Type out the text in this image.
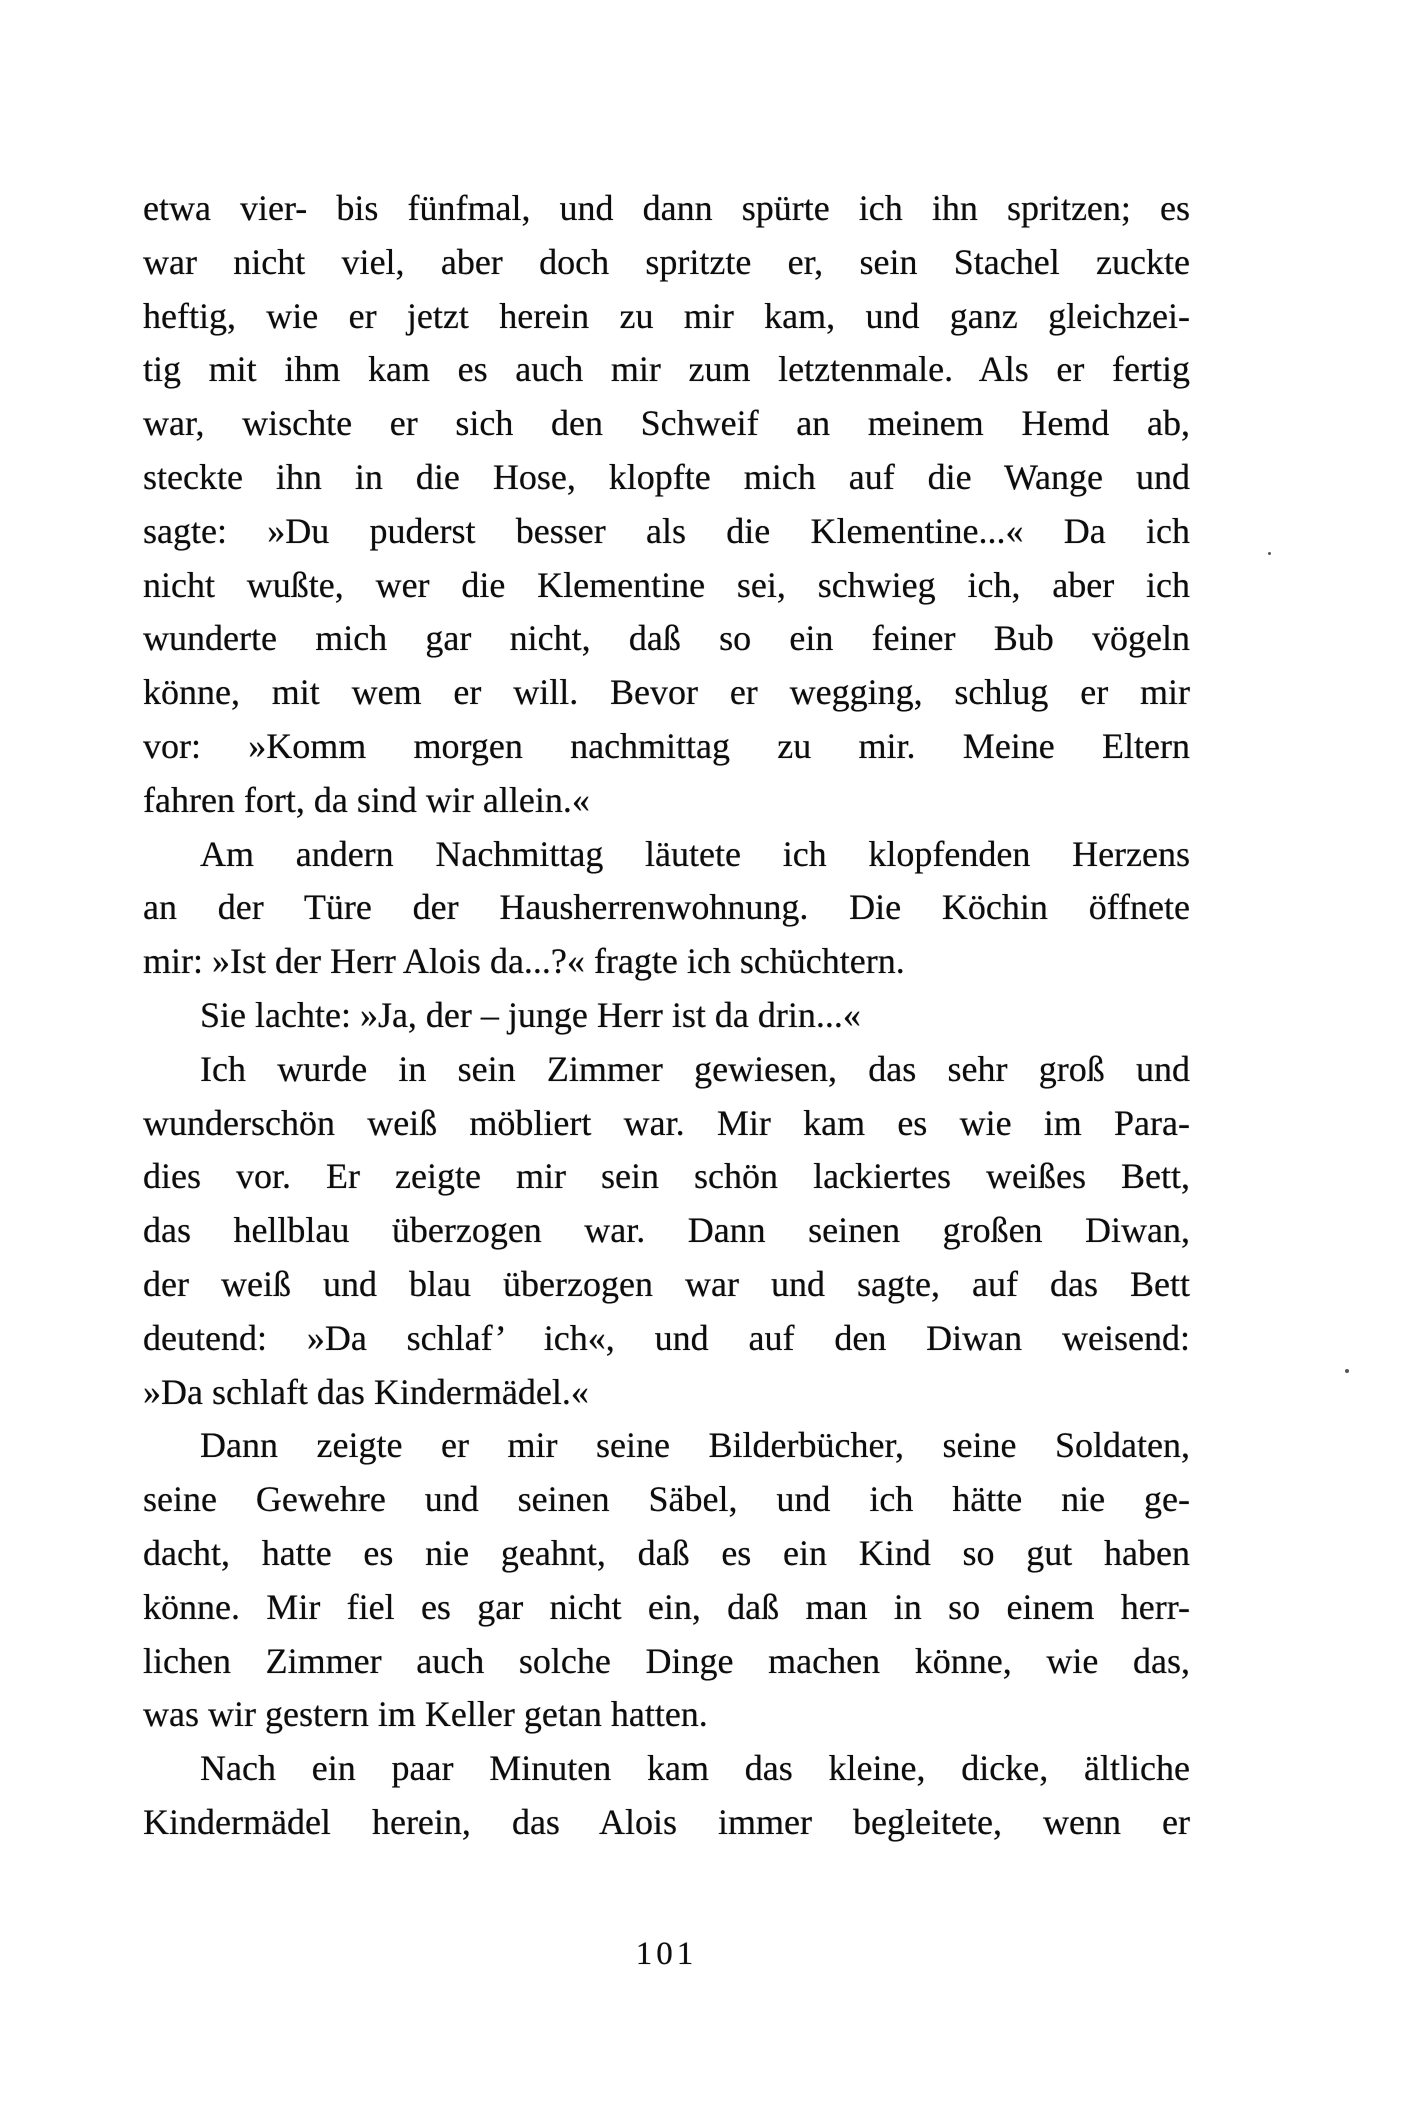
etwa vier- bis fünfmal, und dann spürte ich ihn spritzen; es
war nicht viel, aber doch spritzte er, sein Stachel zuckte
heftig, wie er jetzt herein zu mir kam, und ganz gleichzei-
tig mit ihm kam es auch mir zum letztenmale. Als er fertig
war, wischte er sich den Schweif an meinem Hemd ab,
steckte ihn in die Hose, klopfte mich auf die Wange und
sagte: »Du puderst besser als die Klementine...« Da ich
nicht wußte, wer die Klementine sei, schwieg ich, aber ich
wunderte mich gar nicht, daß so ein feiner Bub vögeln
könne, mit wem er will. Bevor er wegging, schlug er mir
vor: »Komm morgen nachmittag zu mir. Meine Eltern
fahren fort, da sind wir allein.«
Am andern Nachmittag läutete ich klopfenden Herzens
an der Türe der Hausherrenwohnung. Die Köchin öffnete
mir: »Ist der Herr Alois da...?« fragte ich schüchtern.
Sie lachte: »Ja, der – junge Herr ist da drin...«
Ich wurde in sein Zimmer gewiesen, das sehr groß und
wunderschön weiß möbliert war. Mir kam es wie im Para-
dies vor. Er zeigte mir sein schön lackiertes weißes Bett,
das hellblau überzogen war. Dann seinen großen Diwan,
der weiß und blau überzogen war und sagte, auf das Bett
deutend: »Da schlaf’ ich«, und auf den Diwan weisend:
»Da schlaft das Kindermädel.«
Dann zeigte er mir seine Bilderbücher, seine Soldaten,
seine Gewehre und seinen Säbel, und ich hätte nie ge-
dacht, hatte es nie geahnt, daß es ein Kind so gut haben
könne. Mir fiel es gar nicht ein, daß man in so einem herr-
lichen Zimmer auch solche Dinge machen könne, wie das,
was wir gestern im Keller getan hatten.
Nach ein paar Minuten kam das kleine, dicke, ältliche
Kindermädel herein, das Alois immer begleitete, wenn er
101
